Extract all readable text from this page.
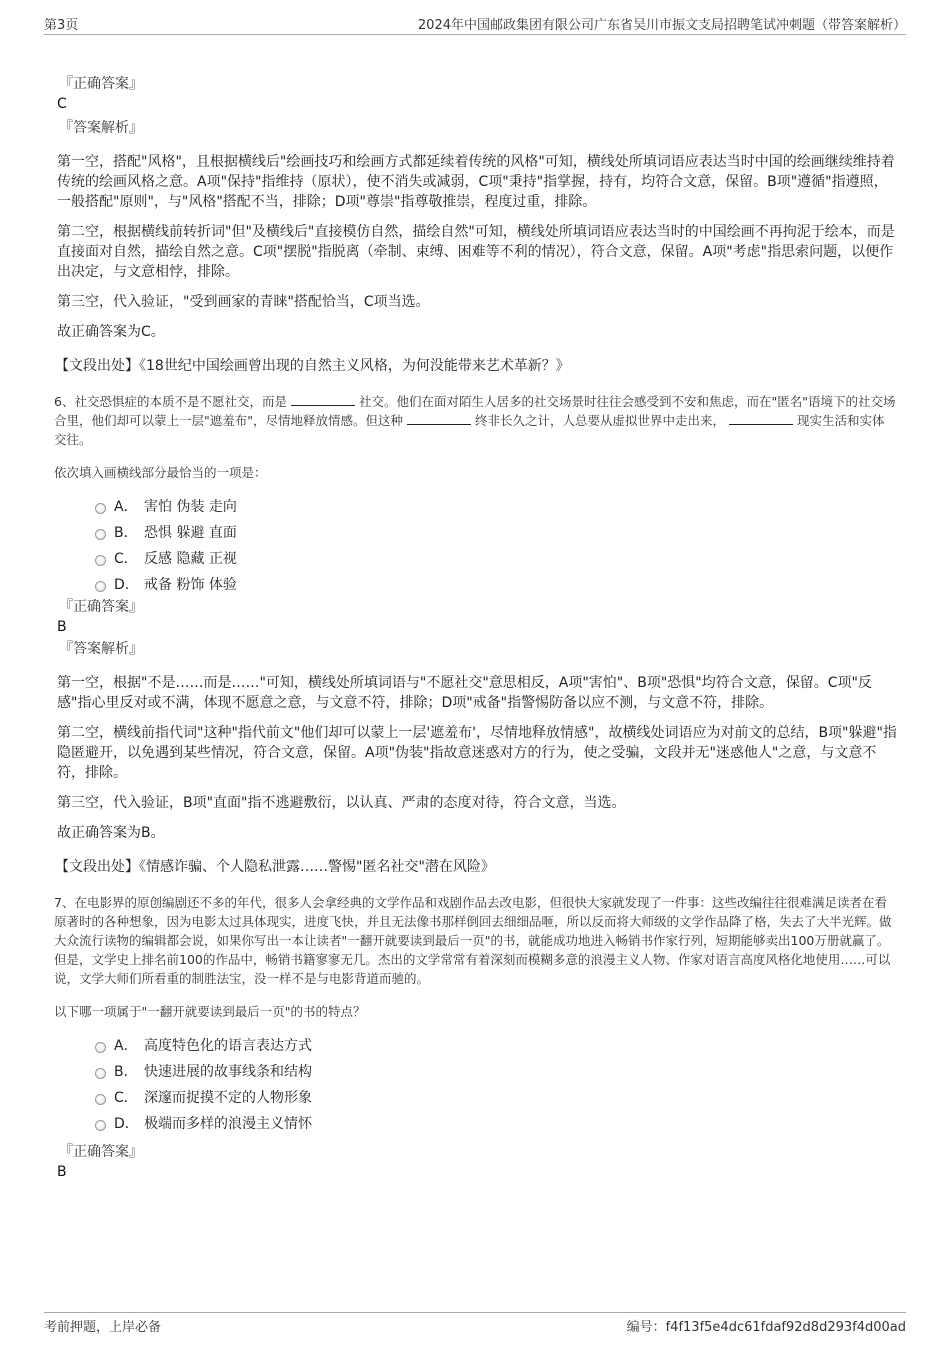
第3页	2024年中国邮政集团有限公司广东省吴川市振文支局招聘笔试冲刺题（带答案解析）
『正确答案』
C
『答案解析』

第一空，搭配"风格"，且根据横线后"绘画技巧和绘画方式都延续着传统的风格"可知，横线处所填词语应表达当时中国的绘画继续维持着传统的绘画风格之意。A项"保持"指维持（原状），使不消失或减弱，C项"秉持"指掌握，持有，均符合文意，保留。B项"遵循"指遵照，一般搭配"原则"，与"风格"搭配不当，排除；D项"尊崇"指尊敬推崇，程度过重，排除。

第二空，根据横线前转折词"但"及横线后"直接模仿自然，描绘自然"可知，横线处所填词语应表达当时的中国绘画不再拘泥于绘本，而是直接面对自然，描绘自然之意。C项"摆脱"指脱离（牵制、束缚、困难等不利的情况），符合文意，保留。A项"考虑"指思索问题，以便作出决定，与文意相悖，排除。

第三空，代入验证，"受到画家的青睐"搭配恰当，C项当选。

故正确答案为C。

【文段出处】《18世纪中国绘画曾出现的自然主义风格，为何没能带来艺术革新？》

6、社交恐惧症的本质不是不愿社交，而是	社交。他们在面对陌生人居多的社交场景时往往会感受到不安和焦虑，而在"匿名"语境下的社交场合里，他们却可以蒙上一层"遮羞布"，尽情地释放情感。但这种	终非长久之计，人总要从虚拟世界中走出来，	现实生活和实体交往。
依次填入画横线部分最恰当的一项是：
A． 害怕 伪装 走向
B． 恐惧 躲避 直面
C． 反感 隐藏 正视
D． 戒备 粉饰 体验
『正确答案』
B
『答案解析』

第一空，根据"不是……而是……"可知，横线处所填词语与"不愿社交"意思相反，A项"害怕"、B项"恐惧"均符合文意，保留。C项"反感"指心里反对或不满，体现不愿意之意，与文意不符，排除；D项"戒备"指警惕防备以应不测，与文意不符，排除。

第二空，横线前指代词"这种"指代前文"他们却可以蒙上一层'遮羞布'，尽情地释放情感"，故横线处词语应为对前文的总结，B项"躲避"指隐匿避开，以免遇到某些情况，符合文意，保留。A项"伪装"指故意迷惑对方的行为，使之受骗，文段并无"迷惑他人"之意，与文意不符，排除。

第三空，代入验证，B项"直面"指不逃避敷衍，以认真、严肃的态度对待，符合文意，当选。

故正确答案为B。

【文段出处】《情感诈骗、个人隐私泄露……警惕"匿名社交"潜在风险》

7、在电影界的原创编剧还不多的年代，很多人会拿经典的文学作品和戏剧作品去改电影，但很快大家就发现了一件事：这些改编往往很难满足读者在看原著时的各种想象，因为电影太过具体现实，进度飞快，并且无法像书那样倒回去细细品咂，所以反而将大师级的文学作品降了格，失去了大半光辉。做大众流行读物的编辑都会说，如果你写出一本让读者"一翻开就要读到最后一页"的书，就能成功地进入畅销书作家行列，短期能够卖出100万册就赢了。但是，文学史上排名前100的作品中，畅销书籍寥寥无几。杰出的文学常常有着深刻而模糊多意的浪漫主义人物、作家对语言高度风格化地使用……可以说，文学大师们所看重的制胜法宝，没一样不是与电影背道而驰的。
以下哪一项属于"一翻开就要读到最后一页"的书的特点？
A． 高度特色化的语言表达方式
B． 快速进展的故事线条和结构
C． 深邃而捉摸不定的人物形象
D． 极端而多样的浪漫主义情怀
『正确答案』
B
考前押题，上岸必备	编号：f4f13f5e4dc61fdaf92d8d293f4d00ad
